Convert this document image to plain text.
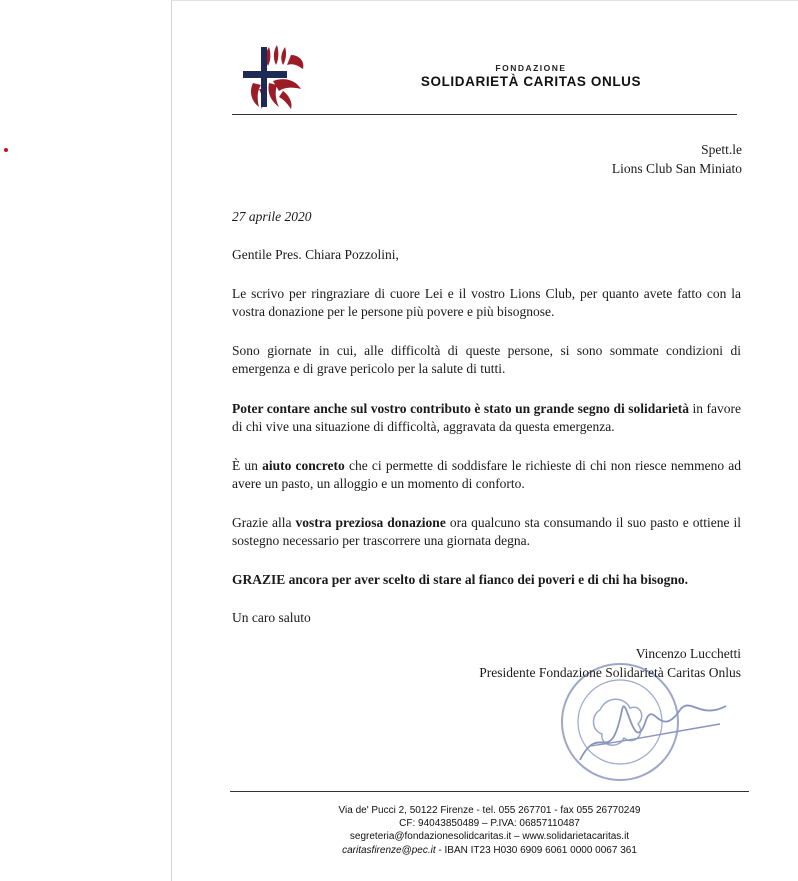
FONDAZIONE
SOLIDARIETÀ CARITAS ONLUS
Spett.le
Lions Club San Miniato
27 aprile 2020
Gentile Pres. Chiara Pozzolini,
Le scrivo per ringraziare di cuore Lei e il vostro Lions Club, per quanto avete fatto con la vostra donazione per le persone più povere e più bisognose.
Sono giornate in cui, alle difficoltà di queste persone, si sono sommate condizioni di emergenza e di grave pericolo per la salute di tutti.
Poter contare anche sul vostro contributo è stato un grande segno di solidarietà in favore di chi vive una situazione di difficoltà, aggravata da questa emergenza.
È un aiuto concreto che ci permette di soddisfare le richieste di chi non riesce nemmeno ad avere un pasto, un alloggio e un momento di conforto.
Grazie alla vostra preziosa donazione ora qualcuno sta consumando il suo pasto e ottiene il sostegno necessario per trascorrere una giornata degna.
GRAZIE ancora per aver scelto di stare al fianco dei poveri e di chi ha bisogno.
Un caro saluto
Vincenzo Lucchetti
Presidente Fondazione Solidarietà Caritas Onlus
Via de' Pucci 2, 50122 Firenze - tel. 055 267701 - fax 055 26770249
CF: 94043850489 – P.IVA: 06857110487
segreteria@fondazionesolidcaritas.it – www.solidarietacaritas.it
caritasfirenze@pec.it - IBAN IT23 H030 6909 6061 0000 0067 361
